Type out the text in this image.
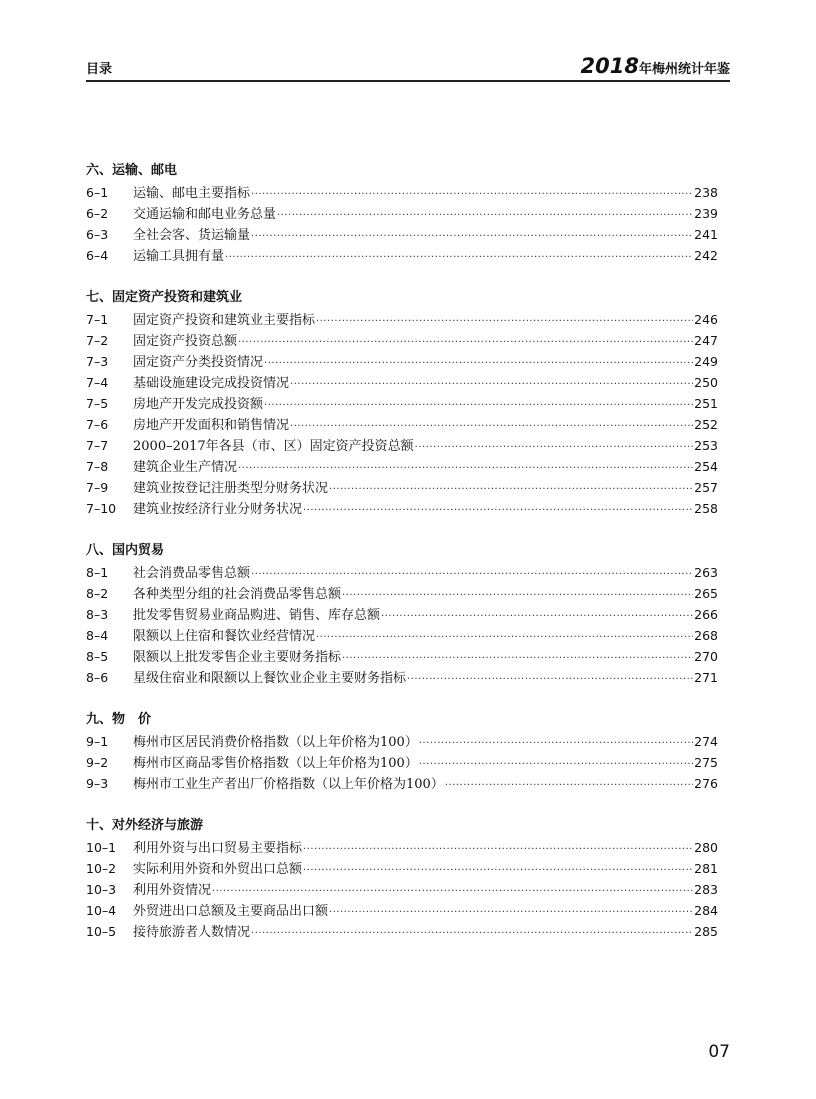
目录	2018年梅州统计年鉴
六、运输、邮电
6–1	运输、邮电主要指标 ·····	238
6–2	交通运输和邮电业务总量 ·····	239
6–3	全社会客、货运输量 ·····	241
6–4	运输工具拥有量 ·····	242
七、固定资产投资和建筑业
7–1	固定资产投资和建筑业主要指标 ·····	246
7–2	固定资产投资总额 ·····	247
7–3	固定资产分类投资情况 ·····	249
7–4	基础设施建设完成投资情况 ·····	250
7–5	房地产开发完成投资额 ·····	251
7–6	房地产开发面积和销售情况 ·····	252
7–7	2000–2017年各县（市、区）固定资产投资总额 ·····	253
7–8	建筑企业生产情况 ·····	254
7–9	建筑业按登记注册类型分财务状况 ·····	257
7–10	建筑业按经济行业分财务状况 ·····	258
八、国内贸易
8–1	社会消费品零售总额 ·····	263
8–2	各种类型分组的社会消费品零售总额 ·····	265
8–3	批发零售贸易业商品购进、销售、库存总额 ·····	266
8–4	限额以上住宿和餐饮业经营情况 ·····	268
8–5	限额以上批发零售企业主要财务指标 ·····	270
8–6	星级住宿业和限额以上餐饮业企业主要财务指标 ·····	271
九、物　价
9–1	梅州市区居民消费价格指数（以上年价格为100） ·····	274
9–2	梅州市区商品零售价格指数（以上年价格为100） ·····	275
9–3	梅州市工业生产者出厂价格指数（以上年价格为100） ·····	276
十、对外经济与旅游
10–1	利用外资与出口贸易主要指标 ·····	280
10–2	实际利用外资和外贸出口总额 ·····	281
10–3	利用外资情况 ·····	283
10–4	外贸进出口总额及主要商品出口额 ·····	284
10–5	接待旅游者人数情况 ·····	285
07
